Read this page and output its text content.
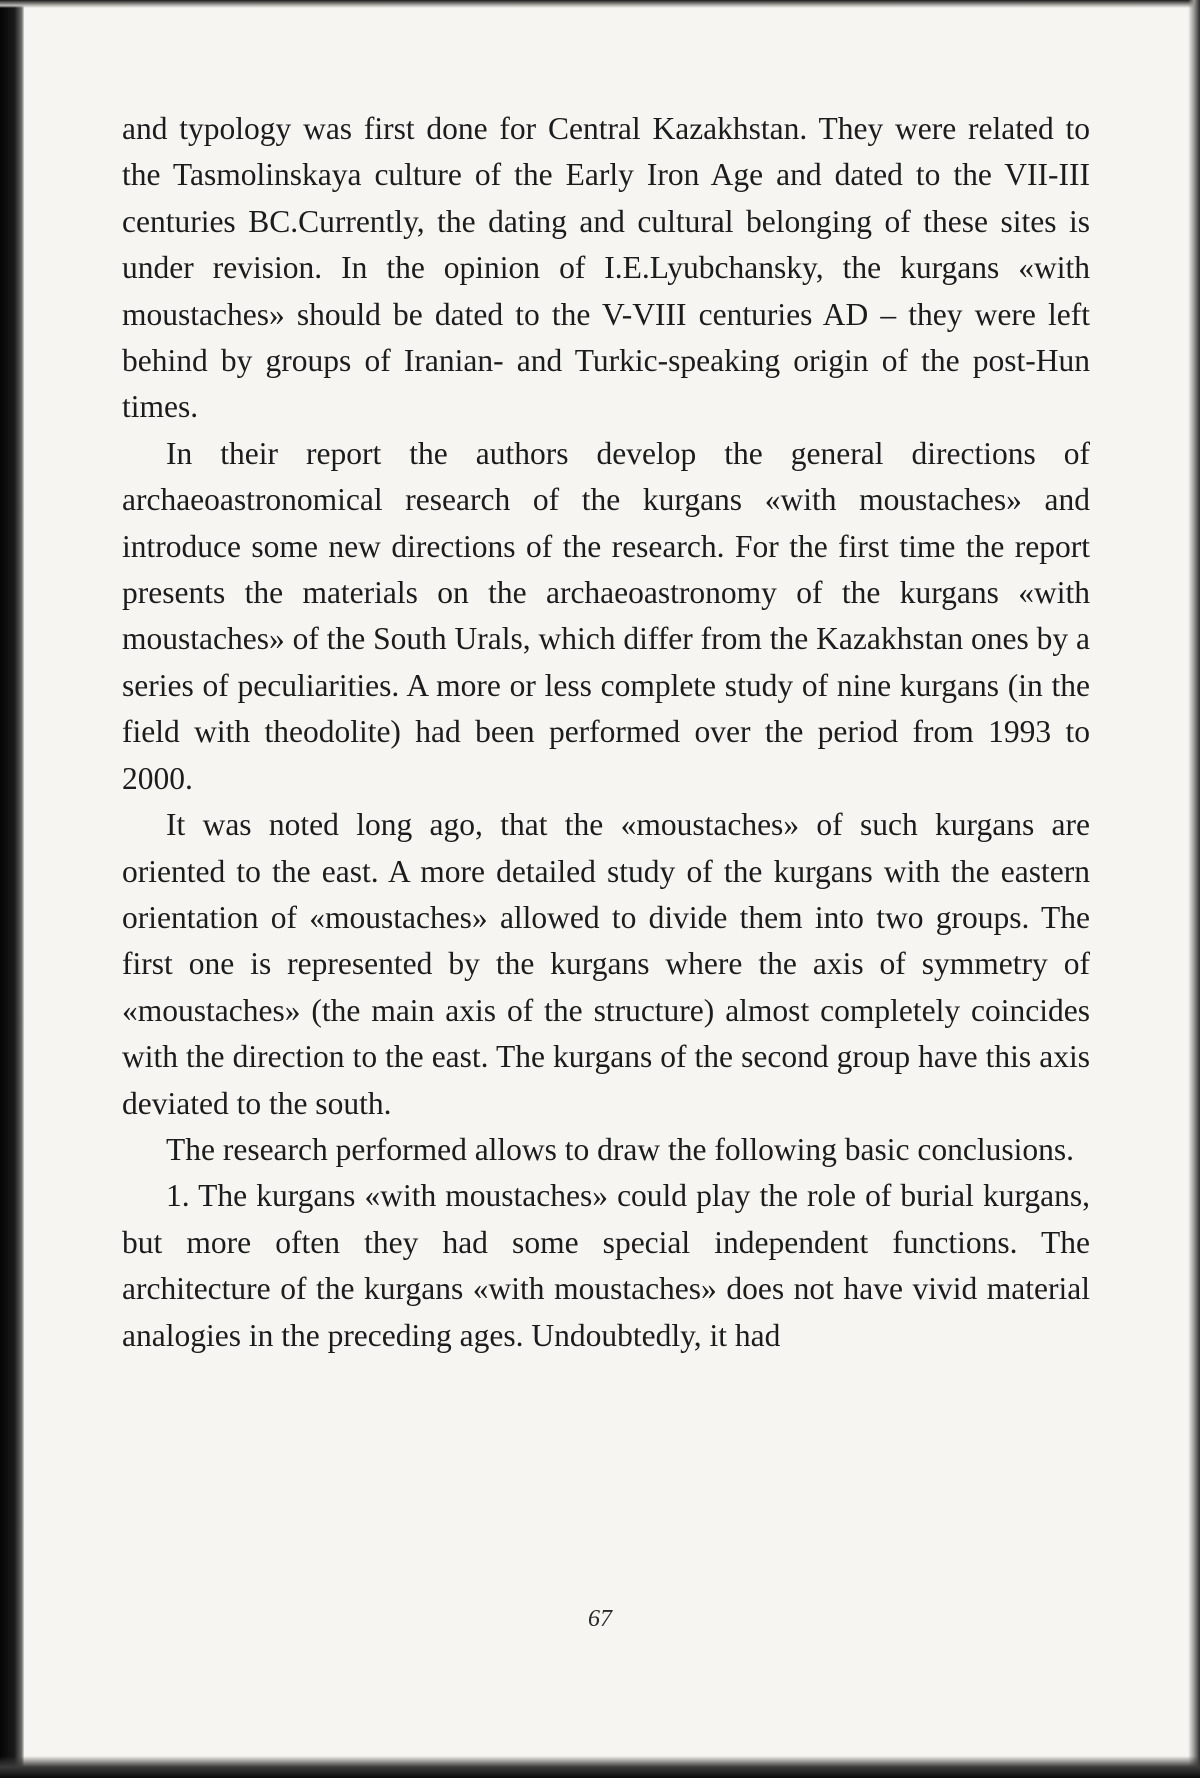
and typology was first done for Central Kazakhstan. They were related to the Tasmolinskaya culture of the Early Iron Age and dated to the VII-III centuries BC.Currently, the dating and cultural belonging of these sites is under revision. In the opinion of I.E.Lyubchansky, the kurgans «with moustaches» should be dated to the V-VIII centuries AD – they were left behind by groups of Iranian- and Turkic-speaking origin of the post-Hun times.

In their report the authors develop the general directions of archaeoastronomical research of the kurgans «with moustaches» and introduce some new directions of the research. For the first time the report presents the materials on the archaeoastronomy of the kurgans «with moustaches» of the South Urals, which differ from the Kazakhstan ones by a series of peculiarities. A more or less complete study of nine kurgans (in the field with theodolite) had been performed over the period from 1993 to 2000.

It was noted long ago, that the «moustaches» of such kurgans are oriented to the east. A more detailed study of the kurgans with the eastern orientation of «moustaches» allowed to divide them into two groups. The first one is represented by the kurgans where the axis of symmetry of «moustaches» (the main axis of the structure) almost completely coincides with the direction to the east. The kurgans of the second group have this axis deviated to the south.

The research performed allows to draw the following basic conclusions.

1. The kurgans «with moustaches» could play the role of burial kurgans, but more often they had some special independent functions. The architecture of the kurgans «with moustaches» does not have vivid material analogies in the preceding ages. Undoubtedly, it had

67
